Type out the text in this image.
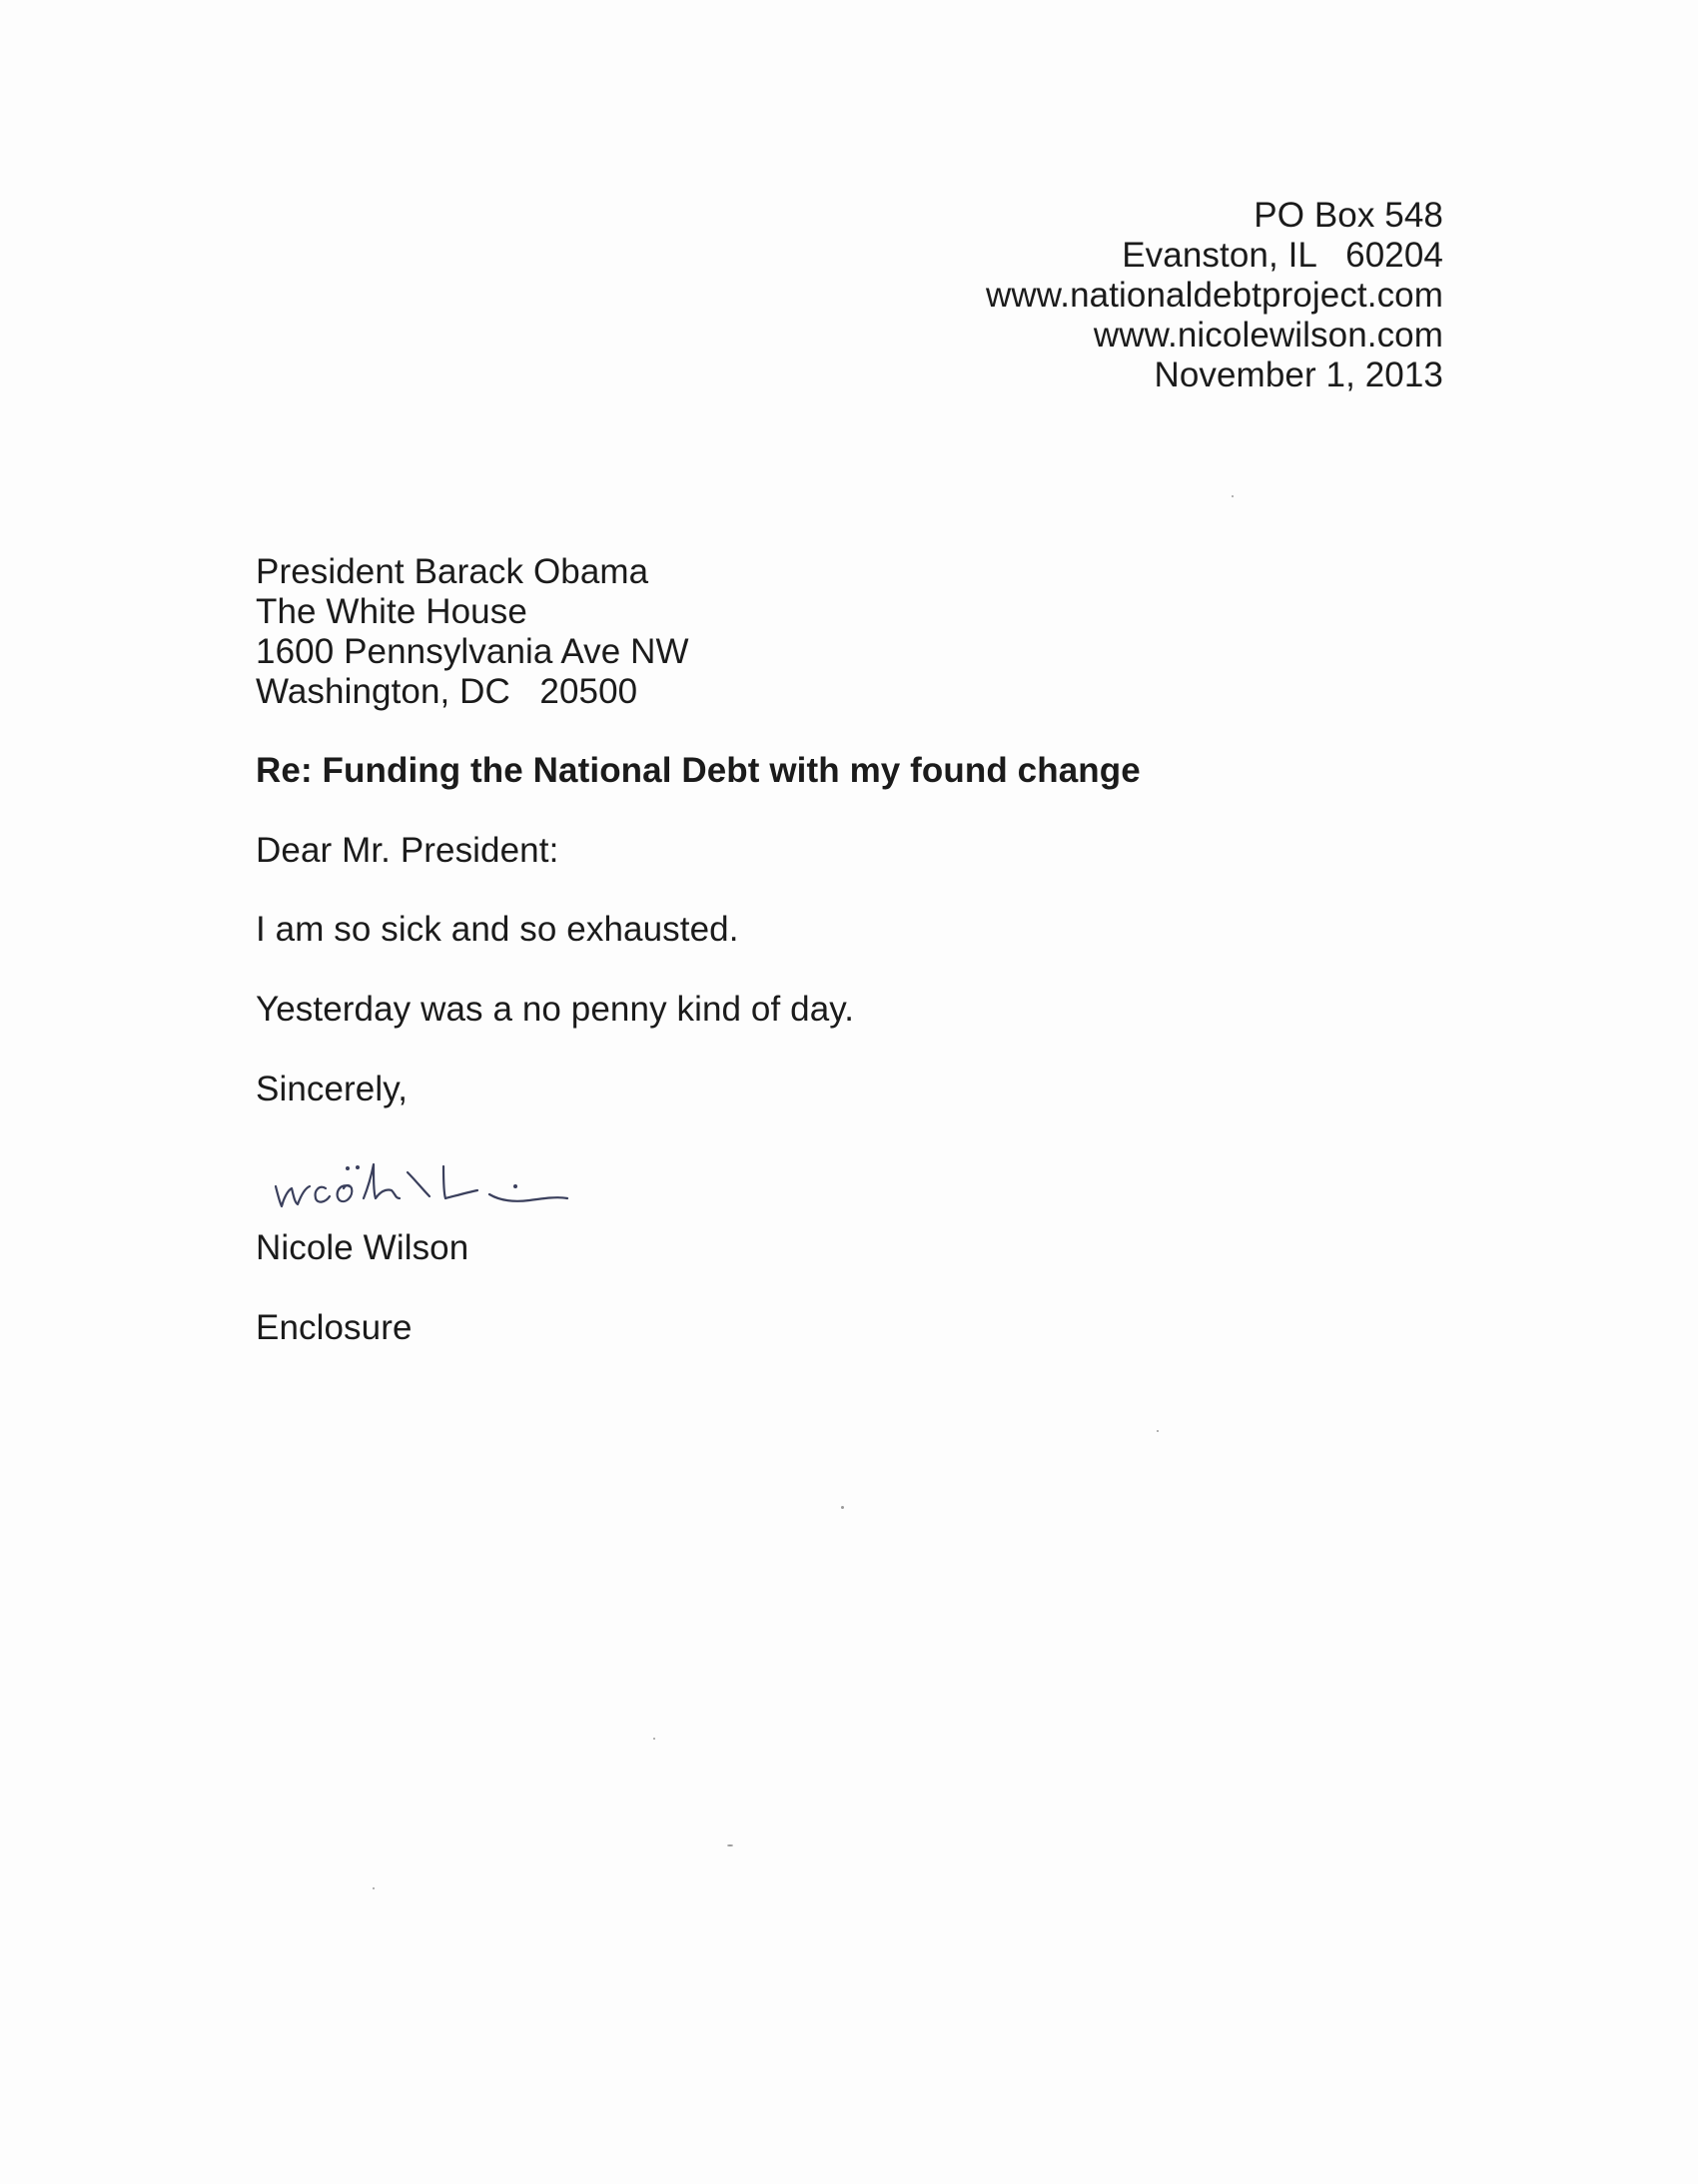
PO Box 548
Evanston, IL   60204
www.nationaldebtproject.com
www.nicolewilson.com
November 1, 2013
President Barack Obama
The White House
1600 Pennsylvania Ave NW
Washington, DC   20500
Re: Funding the National Debt with my found change
Dear Mr. President:
I am so sick and so exhausted.
Yesterday was a no penny kind of day.
Sincerely,
Nicole Wilson
Enclosure
